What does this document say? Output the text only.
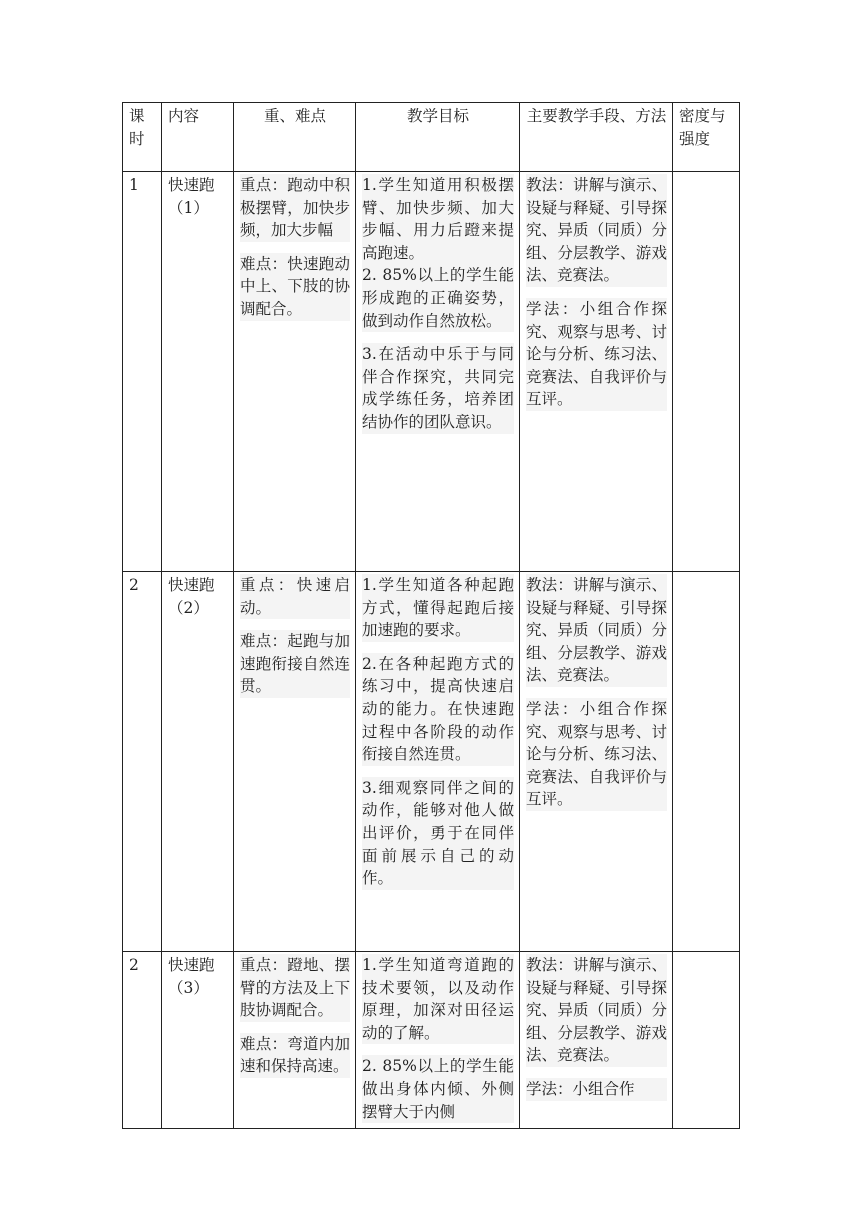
课时	内容	重、难点	教学目标	主要教学手段、方法	密度与强度
1	快速跑（1）	重点：跑动中积极摆臂，加快步频，加大步幅
难点：快速跑动中上、下肢的协调配合。	1.学生知道用积极摆臂、加快步频、加大步幅、用力后蹬来提高跑速。
2. 85%以上的学生能形成跑的正确姿势，做到动作自然放松。
3.在活动中乐于与同伴合作探究，共同完成学练任务，培养团结协作的团队意识。	教法：讲解与演示、设疑与释疑、引导探究、异质（同质）分组、分层教学、游戏法、竞赛法。
学法：小组合作探究、观察与思考、讨论与分析、练习法、竞赛法、自我评价与互评。	

2	快速跑（2）	重点：快速启动。
难点：起跑与加速跑衔接自然连贯。	1.学生知道各种起跑方式，懂得起跑后接加速跑的要求。
2.在各种起跑方式的练习中，提高快速启动的能力。在快速跑过程中各阶段的动作衔接自然连贯。
3.细观察同伴之间的动作，能够对他人做出评价，勇于在同伴面前展示自己的动作。	教法：讲解与演示、设疑与释疑、引导探究、异质（同质）分组、分层教学、游戏法、竞赛法。
学法：小组合作探究、观察与思考、讨论与分析、练习法、竞赛法、自我评价与互评。	

2	快速跑（3）	重点：蹬地、摆臂的方法及上下肢协调配合。
难点：弯道内加速和保持高速。	1.学生知道弯道跑的技术要领，以及动作原理，加深对田径运动的了解。
2. 85%以上的学生能做出身体内倾、外侧摆臂大于内侧	教法：讲解与演示、设疑与释疑、引导探究、异质（同质）分组、分层教学、游戏法、竞赛法。
学法：小组合作	
